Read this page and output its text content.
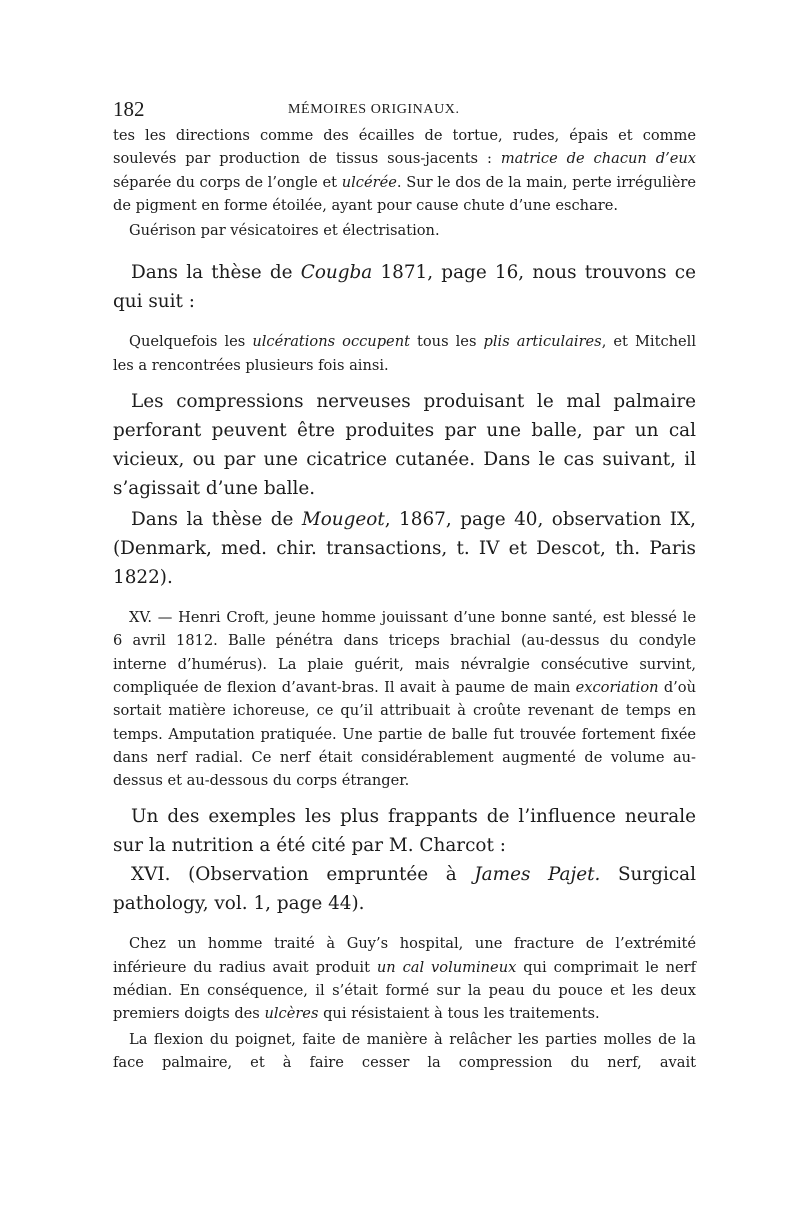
182	MÉMOIRES ORIGINAUX.

tes les directions comme des écailles de tortue, rudes, épais et comme soulevés par production de tissus sous-jacents : matrice de chacun d’eux séparée du corps de l’ongle et ulcérée. Sur le dos de la main, perte irrégulière de pigment en forme étoilée, ayant pour cause chute d’une eschare.

Guérison par vésicatoires et électrisation.

Dans la thèse de Cougba 1871, page 16, nous trouvons ce qui suit :

Quelquefois les ulcérations occupent tous les plis articulaires, et Mitchell les a rencontrées plusieurs fois ainsi.

Les compressions nerveuses produisant le mal palmaire perforant peuvent être produites par une balle, par un cal vicieux, ou par une cicatrice cutanée. Dans le cas suivant, il s’agissait d’une balle.

Dans la thèse de Mougeot, 1867, page 40, observation IX, (Denmark, med. chir. transactions, t. IV et Descot, th. Paris 1822).

XV. — Henri Croft, jeune homme jouissant d’une bonne santé, est blessé le 6 avril 1812. Balle pénétra dans triceps brachial (au-dessus du condyle interne d’humérus). La plaie guérit, mais névralgie consécutive survint, compliquée de flexion d’avant-bras. Il avait à paume de main excoriation d’où sortait matière ichoreuse, ce qu’il attribuait à croûte revenant de temps en temps. Amputation pratiquée. Une partie de balle fut trouvée fortement fixée dans nerf radial. Ce nerf était considérablement augmenté de volume au-dessus et au-dessous du corps étranger.

Un des exemples les plus frappants de l’influence neurale sur la nutrition a été cité par M. Charcot :

XVI. (Observation empruntée à James Pajet. Surgical pathology, vol. 1, page 44).

Chez un homme traité à Guy’s hospital, une fracture de l’extrémité inférieure du radius avait produit un cal volumineux qui comprimait le nerf médian. En conséquence, il s’était formé sur la peau du pouce et les deux premiers doigts des ulcères qui résistaient à tous les traitements.

La flexion du poignet, faite de manière à relâcher les parties molles de la face palmaire, et à faire cesser la compression du nerf, avait
